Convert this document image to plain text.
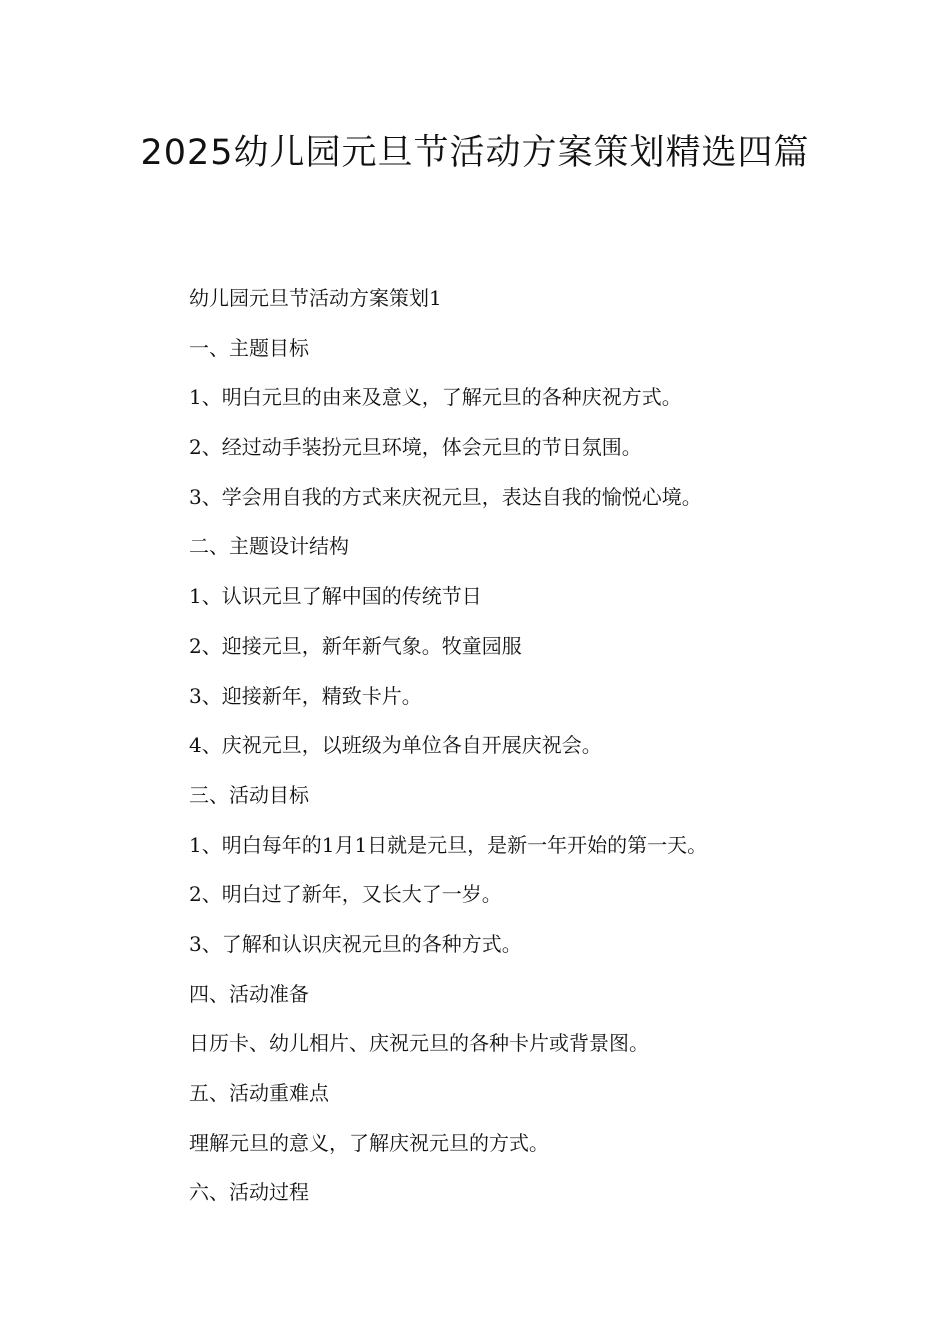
2025幼儿园元旦节活动方案策划精选四篇
幼儿园元旦节活动方案策划1
一、主题目标
1、明白元旦的由来及意义，了解元旦的各种庆祝方式。
2、经过动手装扮元旦环境，体会元旦的节日氛围。
3、学会用自我的方式来庆祝元旦，表达自我的愉悦心境。
二、主题设计结构
1、认识元旦了解中国的传统节日
2、迎接元旦，新年新气象。牧童园服
3、迎接新年，精致卡片。
4、庆祝元旦，以班级为单位各自开展庆祝会。
三、活动目标
1、明白每年的1月1日就是元旦，是新一年开始的第一天。
2、明白过了新年，又长大了一岁。
3、了解和认识庆祝元旦的各种方式。
四、活动准备
日历卡、幼儿相片、庆祝元旦的各种卡片或背景图。
五、活动重难点
理解元旦的意义，了解庆祝元旦的方式。
六、活动过程
